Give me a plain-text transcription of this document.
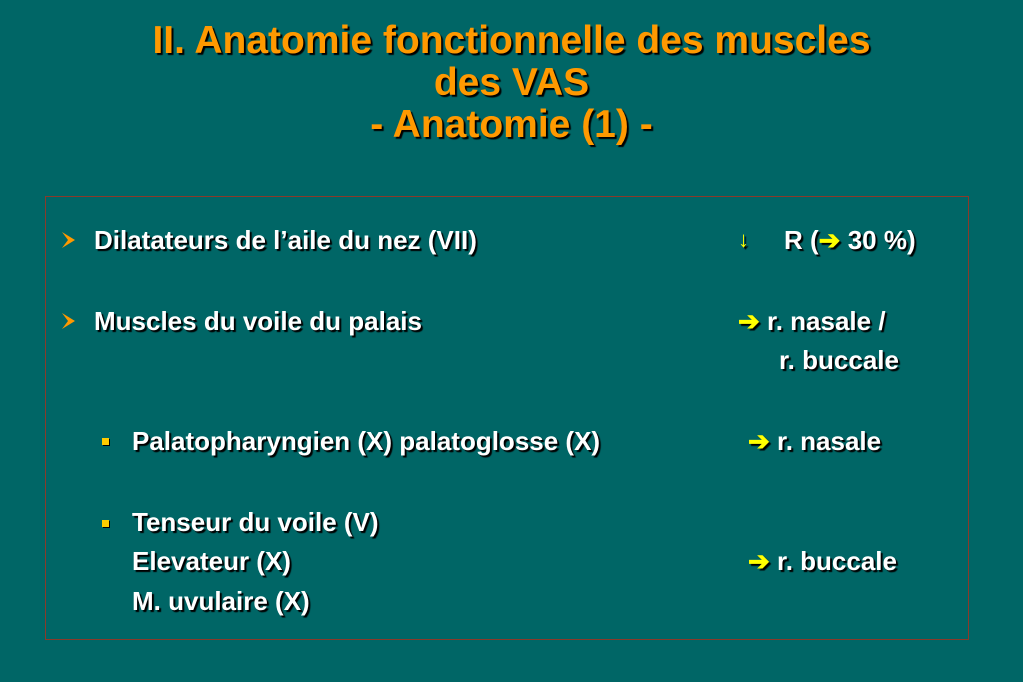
II. Anatomie fonctionnelle des muscles
des VAS
- Anatomie (1) -
Dilatateurs de l’aile du nez (VII)	↓ R (➔ 30 %)
Muscles du voile du palais	➔ r. nasale /
r. buccale
Palatopharyngien (X) palatoglosse (X)	➔ r. nasale
Tenseur du voile (V)
Elevateur (X)
M. uvulaire (X)
➔ r. buccale
